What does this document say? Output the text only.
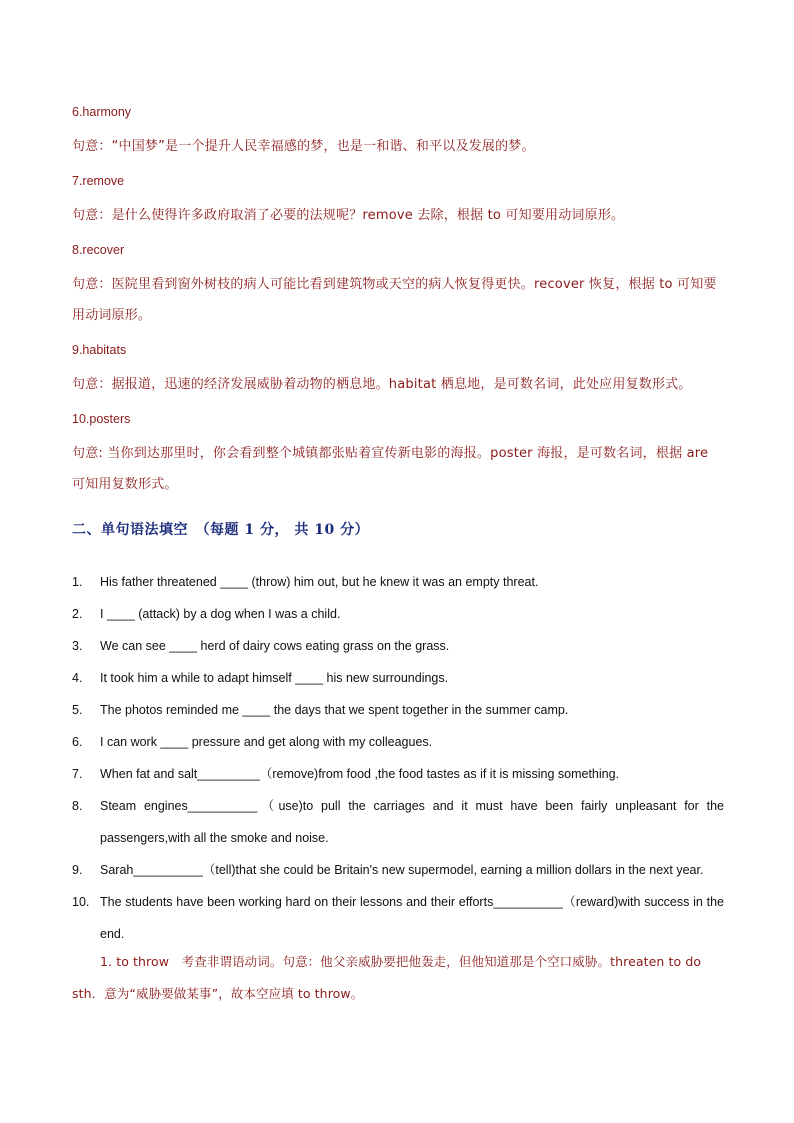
6.harmony
句意：“中国梦”是一个提升人民幸福感的梦，也是一和谐、和平以及发展的梦。
7.remove
句意：是什么使得许多政府取消了必要的法规呢？remove 去除，根据 to 可知要用动词原形。
8.recover
句意：医院里看到窗外树枝的病人可能比看到建筑物或天空的病人恢复得更快。recover 恢复，根据 to 可知要用动词原形。
9.habitats
句意：据报道，迅速的经济发展威胁着动物的栖息地。habitat 栖息地，是可数名词，此处应用复数形式。
10.posters
句意: 当你到达那里时，你会看到整个城镇都张贴着宣传新电影的海报。poster 海报，是可数名词，根据 are 可知用复数形式。
二、单句语法填空　（每题 1 分， 共 10 分）
1. His father threatened ____ (throw) him out, but he knew it was an empty threat.
2. I ____ (attack) by a dog when I was a child.
3. We can see ____ herd of dairy cows eating grass on the grass.
4. It took him a while to adapt himself ____ his new surroundings.
5. The photos reminded me ____ the days that we spent together in the summer camp.
6. I can work ____ pressure and get along with my colleagues.
7. When fat and salt_________（remove)from food ,the food tastes as if it is missing something.
8. Steam engines__________（use)to pull the carriages and it must have been fairly unpleasant for the passengers,with all the smoke and noise.
9. Sarah__________（tell)that she could be Britain's new supermodel, earning a million dollars in the next year.
10. The students have been working hard on their lessons and their efforts__________（reward)with success in the end.
1. to throw　考查非谓语动词。句意：他父亲威胁要把他轰走，但他知道那是个空口威胁。threaten to do sth．意为“威胁要做某事”，故本空应填 to throw。
